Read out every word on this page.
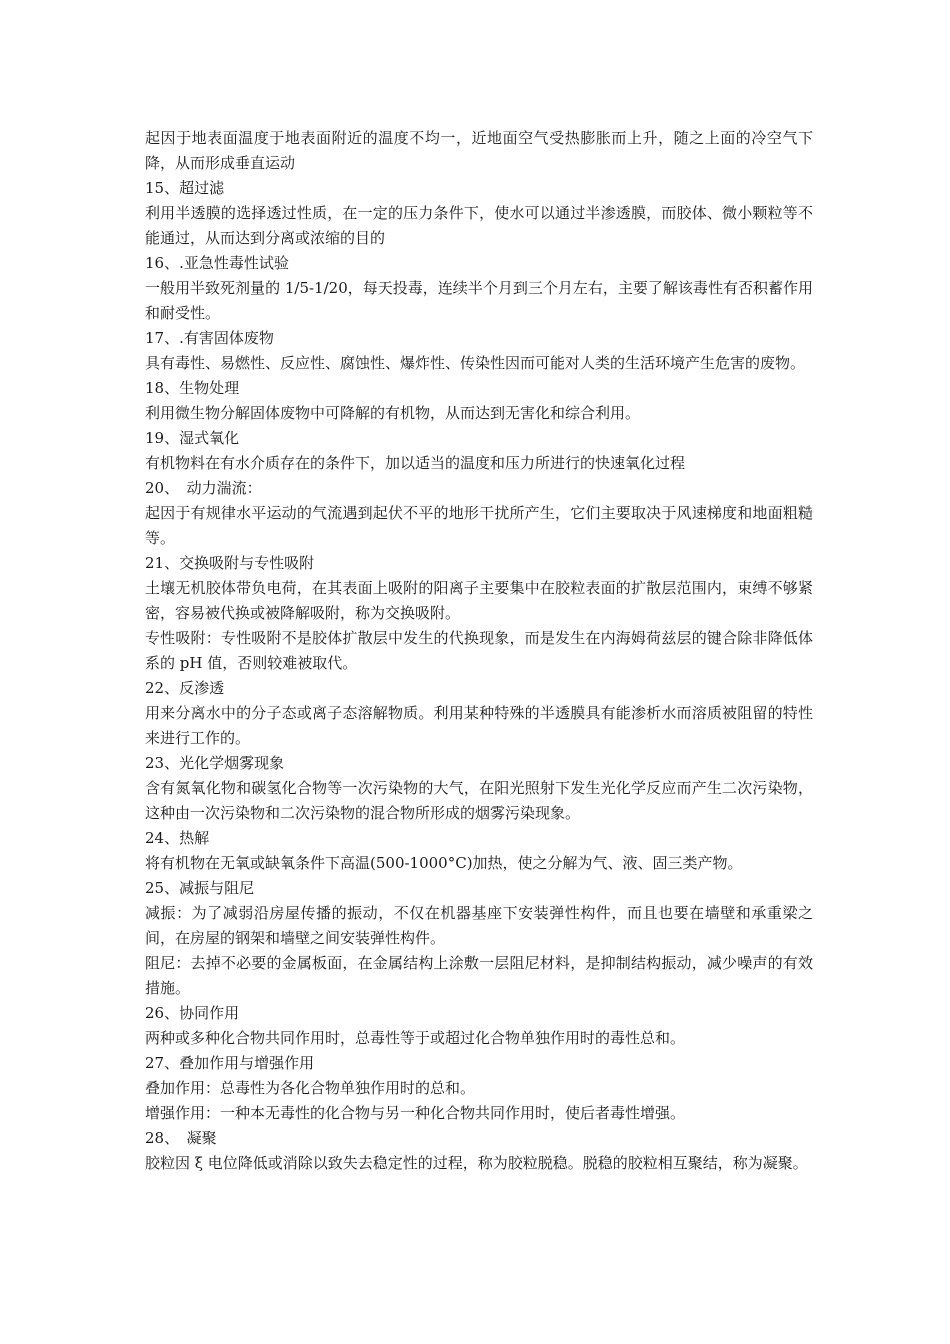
起因于地表面温度于地表面附近的温度不均一，近地面空气受热膨胀而上升，随之上面的冷空气下降，从而形成垂直运动

15、超过滤

利用半透膜的选择透过性质，在一定的压力条件下，使水可以通过半渗透膜，而胶体、微小颗粒等不能通过，从而达到分离或浓缩的目的

16、.亚急性毒性试验

一般用半致死剂量的 1/5-1/20，每天投毒，连续半个月到三个月左右，主要了解该毒性有否积蓄作用和耐受性。

17、.有害固体废物

具有毒性、易燃性、反应性、腐蚀性、爆炸性、传染性因而可能对人类的生活环境产生危害的废物。

18、生物处理

利用微生物分解固体废物中可降解的有机物，从而达到无害化和综合利用。

19、湿式氧化

有机物料在有水介质存在的条件下，加以适当的温度和压力所进行的快速氧化过程

20、　动力湍流：

起因于有规律水平运动的气流遇到起伏不平的地形干扰所产生，它们主要取决于风速梯度和地面粗糙等。

21、交换吸附与专性吸附

土壤无机胶体带负电荷，在其表面上吸附的阳离子主要集中在胶粒表面的扩散层范围内，束缚不够紧密，容易被代换或被降解吸附，称为交换吸附。

专性吸附：专性吸附不是胶体扩散层中发生的代换现象，而是发生在内海姆荷兹层的键合除非降低体系的 pH 值，否则较难被取代。

22、反渗透

用来分离水中的分子态或离子态溶解物质。利用某种特殊的半透膜具有能渗析水而溶质被阻留的特性来进行工作的。

23、光化学烟雾现象

含有氮氧化物和碳氢化合物等一次污染物的大气，在阳光照射下发生光化学反应而产生二次污染物，这种由一次污染物和二次污染物的混合物所形成的烟雾污染现象。

24、热解

将有机物在无氧或缺氧条件下高温(500-1000°C)加热，使之分解为气、液、固三类产物。

25、减振与阻尼

减振：为了减弱沿房屋传播的振动，不仅在机器基座下安装弹性构件，而且也要在墙壁和承重梁之间，在房屋的钢架和墙壁之间安装弹性构件。

阻尼：去掉不必要的金属板面，在金属结构上涂敷一层阻尼材料，是抑制结构振动，减少噪声的有效措施。

26、协同作用

两种或多种化合物共同作用时，总毒性等于或超过化合物单独作用时的毒性总和。

27、叠加作用与增强作用

叠加作用：总毒性为各化合物单独作用时的总和。

增强作用：一种本无毒性的化合物与另一种化合物共同作用时，使后者毒性增强。

28、　凝聚

胶粒因 ξ 电位降低或消除以致失去稳定性的过程，称为胶粒脱稳。脱稳的胶粒相互聚结，称为凝聚。
